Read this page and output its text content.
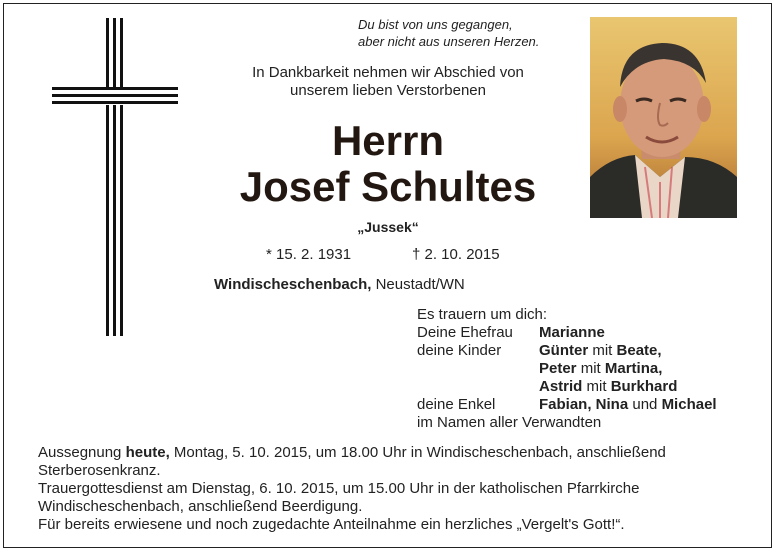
Du bist von uns gegangen,
aber nicht aus unseren Herzen.
In Dankbarkeit nehmen wir Abschied von
unserem lieben Verstorbenen
Herrn
Josef Schultes
„Jussek“
* 15. 2. 1931	† 2. 10. 2015
Windischeschenbach, Neustadt/WN
Es trauern um dich:
Deine Ehefrau Marianne
deine Kinder	Günter mit Beate,
Peter mit Martina,
Astrid mit Burkhard
deine Enkel	Fabian, Nina und Michael
im Namen aller Verwandten

Aussegnung heute, Montag, 5. 10. 2015, um 18.00 Uhr in Windischeschenbach, anschließend

Sterberosenkranz.

Trauergottesdienst am Dienstag, 6. 10. 2015, um 15.00 Uhr in der katholischen Pfarrkirche

Windischeschenbach, anschließend Beerdigung.

Für bereits erwiesene und noch zugedachte Anteilnahme ein herzliches „Vergelt's Gott!“.
